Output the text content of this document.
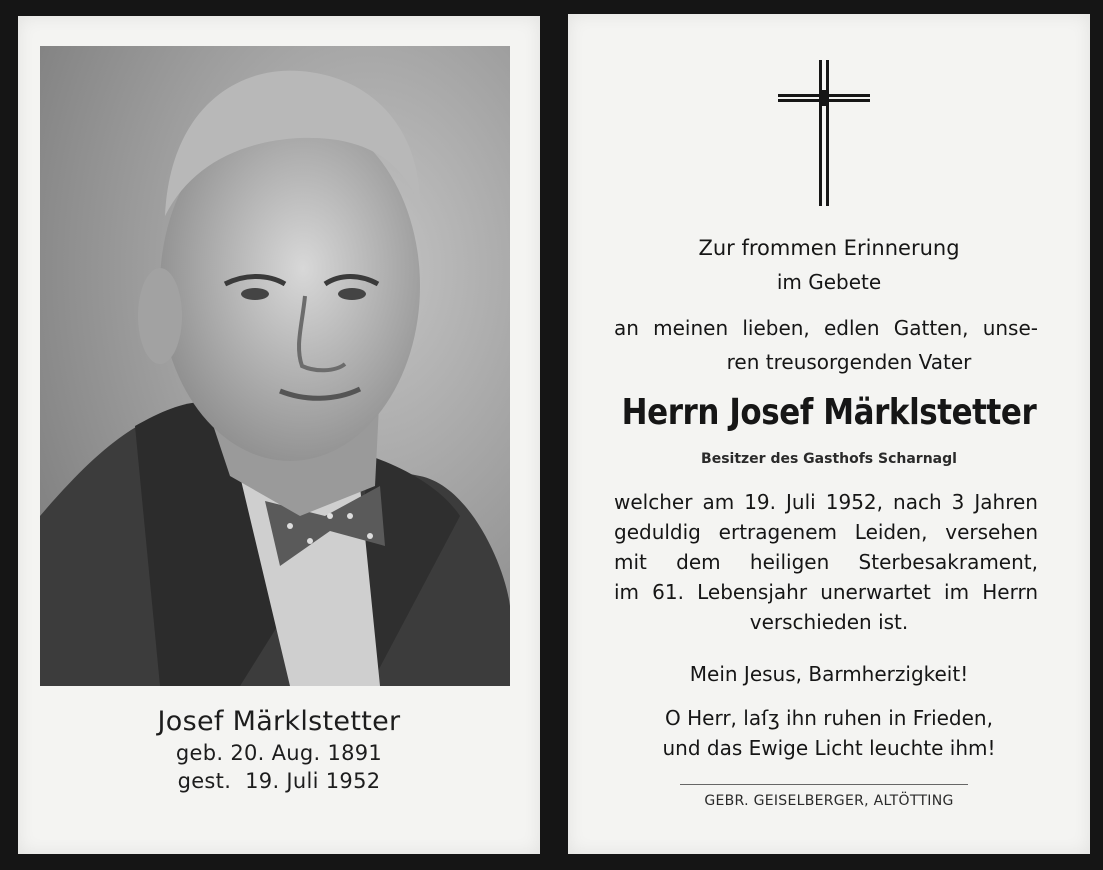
Josef Märklstetter
geb. 20. Aug. 1891
gest.  19. Juli 1952
Zur frommen Erinnerung
im Gebete
an meinen lieben, edlen Gatten, unse-
ren treusorgenden Vater
Herrn Josef Märklstetter
Besitzer des Gasthofs Scharnagl
welcher am 19. Juli 1952, nach 3 Jahren
geduldig ertragenem Leiden, versehen
mit dem heiligen Sterbesakrament,
im 61. Lebensjahr unerwartet im Herrn
verschieden ist.
Mein Jesus, Barmherzigkeit!
O Herr, laſʒ ihn ruhen in Frieden,
und das Ewige Licht leuchte ihm!
GEBR. GEISELBERGER, ALTÖTTING
